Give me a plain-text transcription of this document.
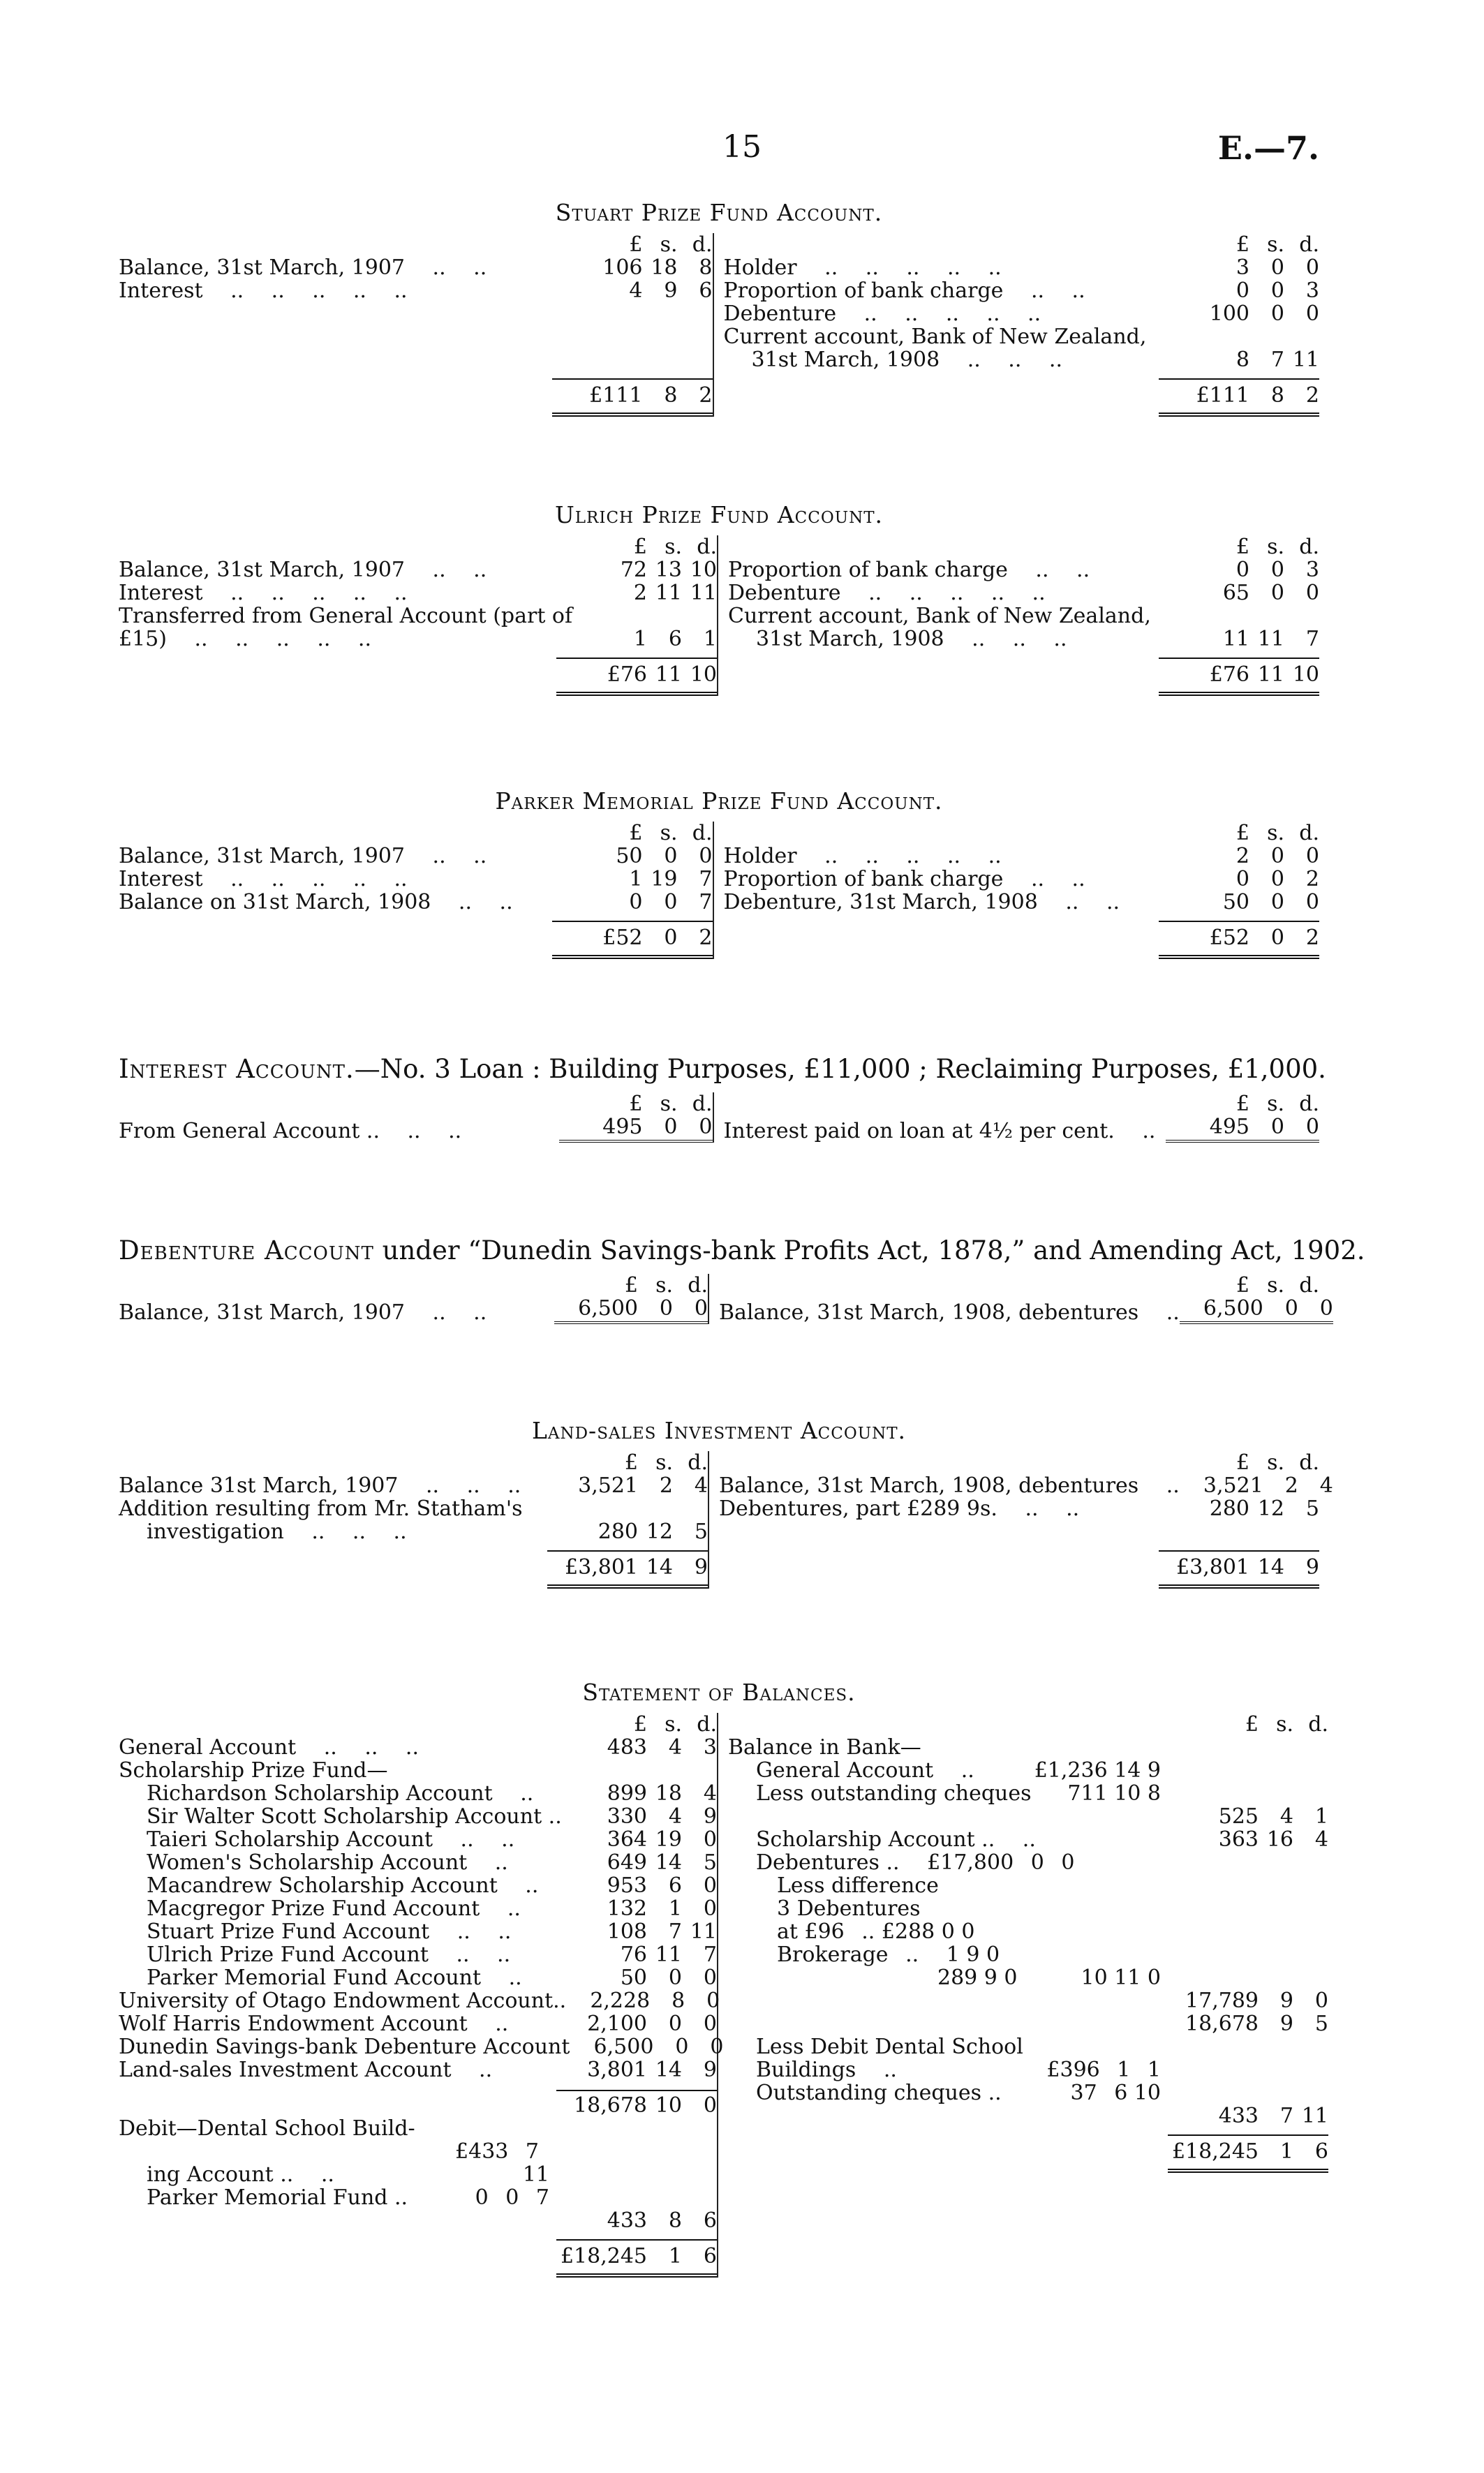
15	E.—7.
Stuart Prize Fund Account.
£ s. d.
Balance, 31st March, 1907  ..  ..	106 18	8
Interest  ..  ..  ..  ..  ..	4	9	6
£111	8	2
£ s. d.
Holder  ..  ..  ..  ..  ..	3	0	0
Proportion of bank charge  ..  ..	0	0	3
Debenture  ..  ..  ..  ..  ..	100	0	0
Current account, Bank of New Zealand,
31st March, 1908  ..  ..  ..	8	7 11
£111	8	2
Ulrich Prize Fund Account.
£ s. d.
Balance, 31st March, 1907  ..  ..	72 13 10
Interest  ..  ..  ..  ..  ..	2 11 11
Transferred from General Account (part of
£15)  ..  ..  ..  ..  ..	1	6	1
£76 11 10
£ s. d.
Proportion of bank charge  ..  ..	0	0	3
Debenture  ..  ..  ..  ..  ..	65	0	0
Current account, Bank of New Zealand,
31st March, 1908  ..  ..  ..	11 11	7
£76 11 10
Parker Memorial Prize Fund Account.
£ s. d.
Balance, 31st March, 1907  ..  ..	50	0	0
Interest  ..  ..  ..  ..  ..	1 19	7
Balance on 31st March, 1908  ..  ..	0	0	7
£52	0	2
£ s. d.
Holder  ..  ..  ..  ..  ..	2	0	0
Proportion of bank charge  ..  ..	0	0	2
Debenture, 31st March, 1908  ..  ..	50	0	0
£52	0	2
Interest Account.—No. 3 Loan : Building Purposes, £11,000 ; Reclaiming Purposes, £1,000.
£ s. d.
From General Account ..  ..  ..	495	0	0
£ s. d.
Interest paid on loan at 4½ per cent.  ..	495	0	0
Debenture Account under “Dunedin Savings-bank Profits Act, 1878,” and Amending Act, 1902.
£ s. d.
Balance, 31st March, 1907  ..  ..	6,500	0	0
£ s. d.
Balance, 31st March, 1908, debentures  ..	6,500	0	0
Land-sales Investment Account.
£ s. d.
Balance 31st March, 1907  ..  ..  ..	3,521	2	4
Addition resulting from Mr. Statham's
investigation  ..  ..  ..	280 12	5
£3,801 14	9
£ s. d.
Balance, 31st March, 1908, debentures  ..	3,521	2	4
Debentures, part £289 9s.  ..  ..	280 12	5
£3,801 14	9
Statement of Balances.
£ s. d.
General Account  ..  ..  ..	483	4	3
Scholarship Prize Fund—
Richardson Scholarship Account  ..	899 18	4
Sir Walter Scott Scholarship Account ..	330	4	9
Taieri Scholarship Account  ..  ..	364 19	0
Women's Scholarship Account  ..	649 14	5
Macandrew Scholarship Account  ..	953	6	0
Macgregor Prize Fund Account  ..	132	1	0
Stuart Prize Fund Account  ..  ..	108	7 11
Ulrich Prize Fund Account  ..  ..	76 11	7
Parker Memorial Fund Account  ..	50	0	0
University of Otago Endowment Account..	2,228	8	0
Wolf Harris Endowment Account  ..	2,100	0	0
Dunedin Savings-bank Debenture Account	6,500	0	0
Land-sales Investment Account  ..	3,801 14	9
18,678 10	0
Debit—Dental School Build-
ing Account ..  ..
£433  7  11
Parker Memorial Fund ..	0  0  7
433	8	6
£18,245	1	6
£ s. d.
Balance in Bank—
General Account  ..	£1,236 14 9
Less outstanding cheques	711 10 8
525	4	1
Scholarship Account ..  ..	363 16	4
Debentures ..  £17,800  0  0
Less difference
3 Debentures
at £96  .. £288 0 0
Brokerage  ..  1 9 0
289 9 0	10 11 0
17,789	9	0
18,678	9	5
Less Debit Dental School
Buildings  ..	£396  1  1
Outstanding cheques ..	37  6 10
433	7 11
£18,245	1	6
